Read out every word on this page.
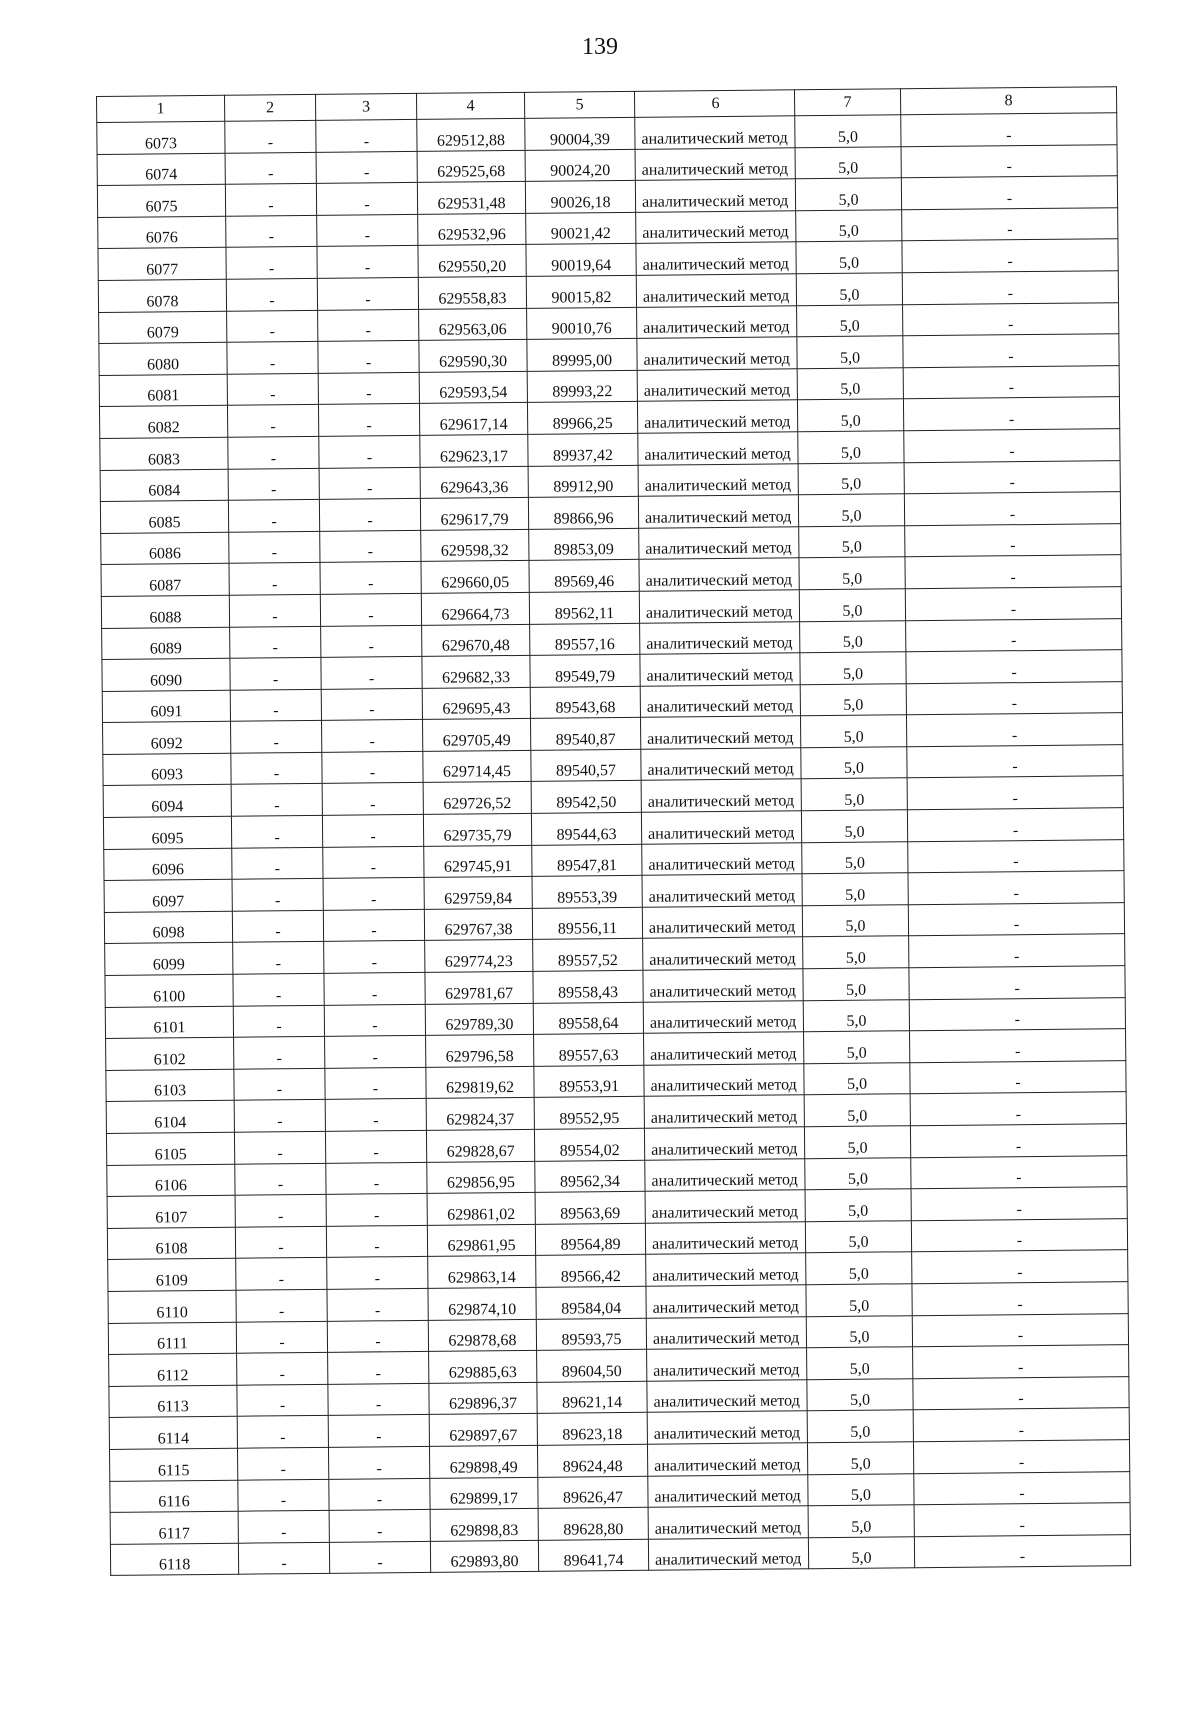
139
1	2	3	4	5	6	7	8
6073	-	-	629512,88	90004,39	аналитический метод	5,0	-
6074	-	-	629525,68	90024,20	аналитический метод	5,0	-
6075	-	-	629531,48	90026,18	аналитический метод	5,0	-
6076	-	-	629532,96	90021,42	аналитический метод	5,0	-
6077	-	-	629550,20	90019,64	аналитический метод	5,0	-
6078	-	-	629558,83	90015,82	аналитический метод	5,0	-
6079	-	-	629563,06	90010,76	аналитический метод	5,0	-
6080	-	-	629590,30	89995,00	аналитический метод	5,0	-
6081	-	-	629593,54	89993,22	аналитический метод	5,0	-
6082	-	-	629617,14	89966,25	аналитический метод	5,0	-
6083	-	-	629623,17	89937,42	аналитический метод	5,0	-
6084	-	-	629643,36	89912,90	аналитический метод	5,0	-
6085	-	-	629617,79	89866,96	аналитический метод	5,0	-
6086	-	-	629598,32	89853,09	аналитический метод	5,0	-
6087	-	-	629660,05	89569,46	аналитический метод	5,0	-
6088	-	-	629664,73	89562,11	аналитический метод	5,0	-
6089	-	-	629670,48	89557,16	аналитический метод	5,0	-
6090	-	-	629682,33	89549,79	аналитический метод	5,0	-
6091	-	-	629695,43	89543,68	аналитический метод	5,0	-
6092	-	-	629705,49	89540,87	аналитический метод	5,0	-
6093	-	-	629714,45	89540,57	аналитический метод	5,0	-
6094	-	-	629726,52	89542,50	аналитический метод	5,0	-
6095	-	-	629735,79	89544,63	аналитический метод	5,0	-
6096	-	-	629745,91	89547,81	аналитический метод	5,0	-
6097	-	-	629759,84	89553,39	аналитический метод	5,0	-
6098	-	-	629767,38	89556,11	аналитический метод	5,0	-
6099	-	-	629774,23	89557,52	аналитический метод	5,0	-
6100	-	-	629781,67	89558,43	аналитический метод	5,0	-
6101	-	-	629789,30	89558,64	аналитический метод	5,0	-
6102	-	-	629796,58	89557,63	аналитический метод	5,0	-
6103	-	-	629819,62	89553,91	аналитический метод	5,0	-
6104	-	-	629824,37	89552,95	аналитический метод	5,0	-
6105	-	-	629828,67	89554,02	аналитический метод	5,0	-
6106	-	-	629856,95	89562,34	аналитический метод	5,0	-
6107	-	-	629861,02	89563,69	аналитический метод	5,0	-
6108	-	-	629861,95	89564,89	аналитический метод	5,0	-
6109	-	-	629863,14	89566,42	аналитический метод	5,0	-
6110	-	-	629874,10	89584,04	аналитический метод	5,0	-
6111	-	-	629878,68	89593,75	аналитический метод	5,0	-
6112	-	-	629885,63	89604,50	аналитический метод	5,0	-
6113	-	-	629896,37	89621,14	аналитический метод	5,0	-
6114	-	-	629897,67	89623,18	аналитический метод	5,0	-
6115	-	-	629898,49	89624,48	аналитический метод	5,0	-
6116	-	-	629899,17	89626,47	аналитический метод	5,0	-
6117	-	-	629898,83	89628,80	аналитический метод	5,0	-
6118	-	-	629893,80	89641,74	аналитический метод	5,0	-
